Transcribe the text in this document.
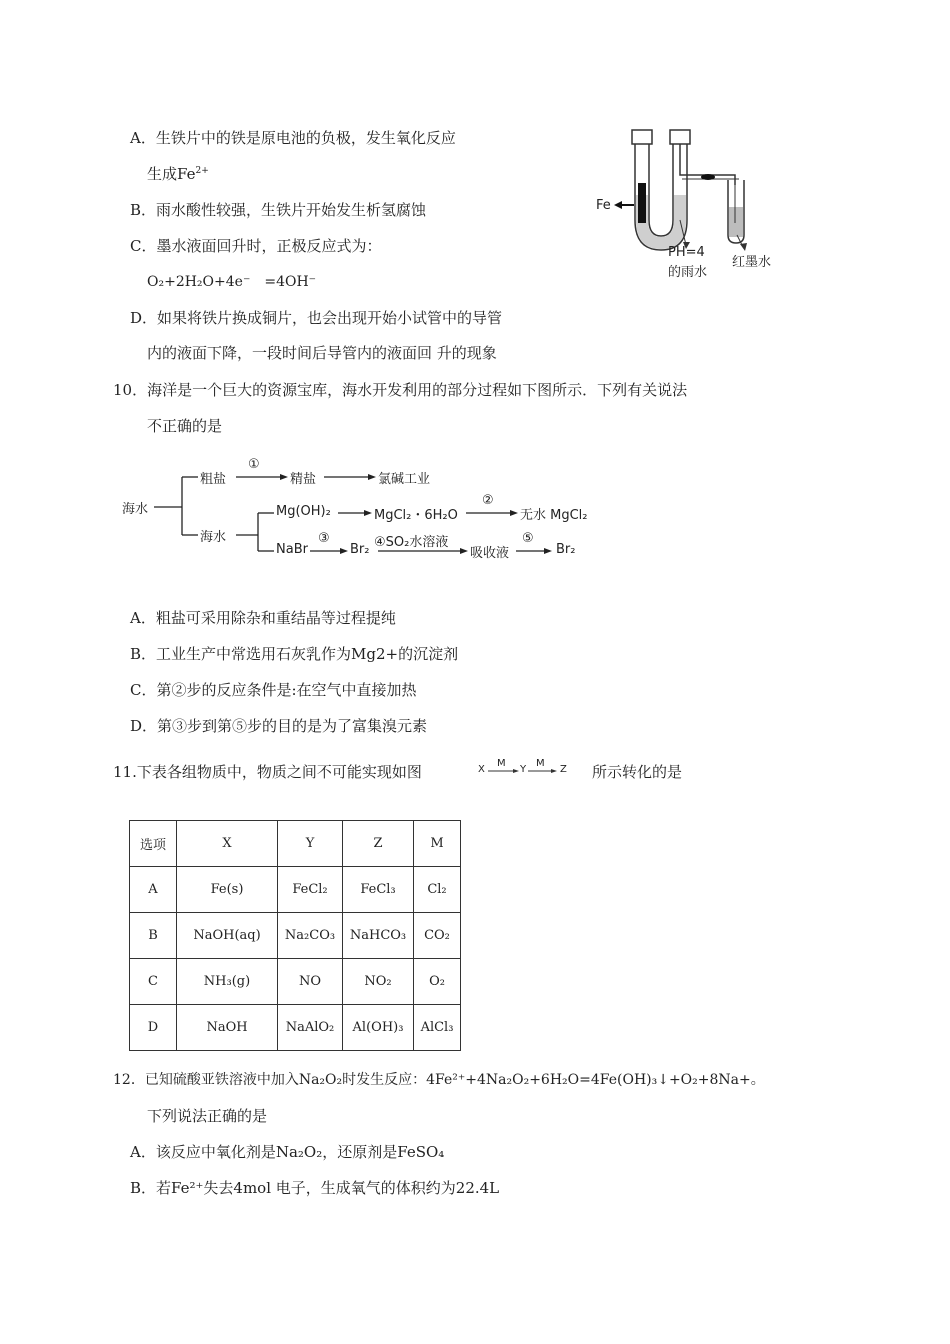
A．生铁片中的铁是原电池的负极，发生氧化反应
生成$Fe^{2+}$
B．雨水酸性较强，生铁片开始发生析氢腐蚀
C．墨水液面回升时，正极反应式为：
O₂+2H₂O+4e⁻　=4OH⁻
D．如果将铁片换成铜片，也会出现开始小试管中的导管
内的液面下降，一段时间后导管内的液面回 升的现象
Fe
PH=4
的雨水
红墨水
10．海洋是一个巨大的资源宝库，海水开发利用的部分过程如下图所示．下列有关说法
不正确的是
海水
粗盐
①
精盐	氯碱工业
海水
Mg(OH)₂	MgCl₂・6H₂O
②
无水 MgCl₂
NaBr
③
Br₂ ④SO₂水溶液
吸收液
⑤
Br₂
A．粗盐可采用除杂和重结晶等过程提纯
B．工业生产中常选用石灰乳作为Mg2+的沉淀剂
C．第②步的反应条件是:在空气中直接加热
D．第③步到第⑤步的目的是为了富集溴元素
11.下表各组物质中，物质之间不可能实现如图	X
M
Y
M
Z 所示转化的是
选项	X	Y	Z	M
A	Fe(s)	FeCl₂	FeCl₃	Cl₂
B	NaOH(aq)	Na₂CO₃	NaHCO₃	CO₂
C	NH₃(g)	NO	NO₂	O₂
D	NaOH	NaAlO₂	Al(OH)₃	AlCl₃
12．已知硫酸亚铁溶液中加入Na₂O₂时发生反应：4Fe²⁺+4Na₂O₂+6H₂O=4Fe(OH)₃↓+O₂+8Na+。
下列说法正确的是
A．该反应中氧化剂是Na₂O₂，还原剂是FeSO₄
B．若Fe²⁺失去4mol 电子，生成氧气的体积约为22.4L
